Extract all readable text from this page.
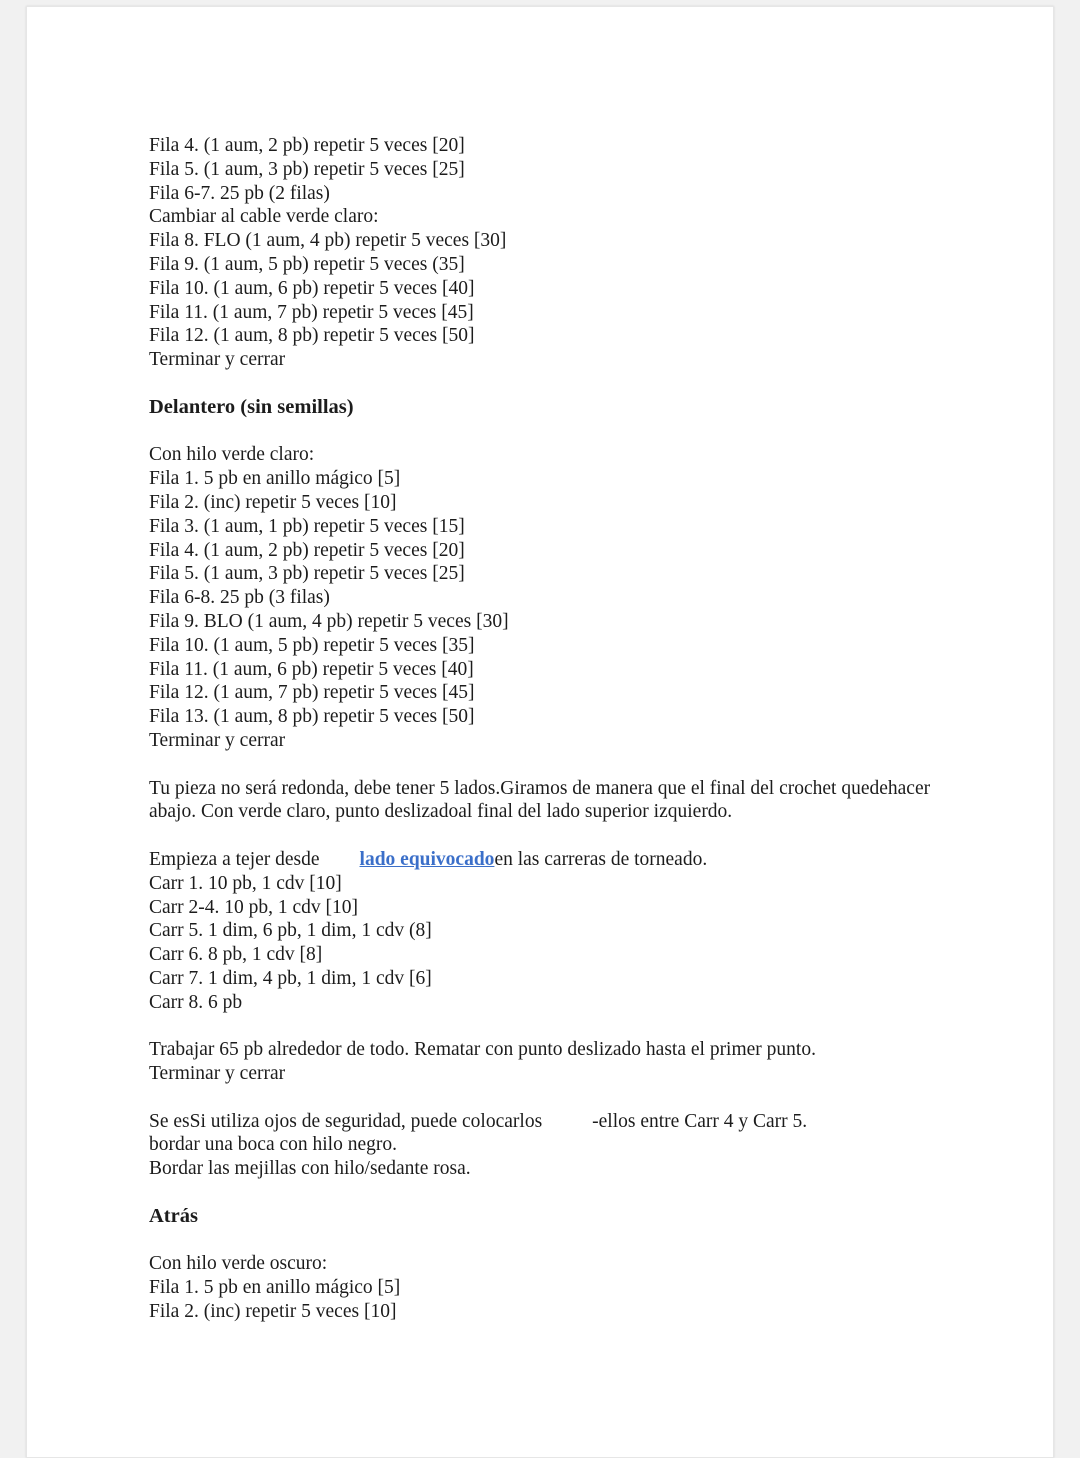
Fila 4. (1 aum, 2 pb) repetir 5 veces [20]

Fila 5. (1 aum, 3 pb) repetir 5 veces [25]

Fila 6-7. 25 pb (2 filas)

Cambiar al cable verde claro:

Fila 8. FLO (1 aum, 4 pb) repetir 5 veces [30]

Fila 9. (1 aum, 5 pb) repetir 5 veces (35]

Fila 10. (1 aum, 6 pb) repetir 5 veces [40]

Fila 11. (1 aum, 7 pb) repetir 5 veces [45]

Fila 12. (1 aum, 8 pb) repetir 5 veces [50]

Terminar y cerrar

Delantero (sin semillas)

Con hilo verde claro:

Fila 1. 5 pb en anillo mágico [5]

Fila 2. (inc) repetir 5 veces [10]

Fila 3. (1 aum, 1 pb) repetir 5 veces [15]

Fila 4. (1 aum, 2 pb) repetir 5 veces [20]

Fila 5. (1 aum, 3 pb) repetir 5 veces [25]

Fila 6-8. 25 pb (3 filas)

Fila 9. BLO (1 aum, 4 pb) repetir 5 veces [30]

Fila 10. (1 aum, 5 pb) repetir 5 veces [35]

Fila 11. (1 aum, 6 pb) repetir 5 veces [40]

Fila 12. (1 aum, 7 pb) repetir 5 veces [45]

Fila 13. (1 aum, 8 pb) repetir 5 veces [50]

Terminar y cerrar

Tu pieza no será redonda, debe tener 5 lados.Giramos de manera que el final del crochet quedehacer

abajo. Con verde claro, punto deslizadoal final del lado superior izquierdo.

Empieza a tejer desde lado equivocadoen las carreras de torneado.

Carr 1. 10 pb, 1 cdv [10]

Carr 2-4. 10 pb, 1 cdv [10]

Carr 5. 1 dim, 6 pb, 1 dim, 1 cdv (8]

Carr 6. 8 pb, 1 cdv [8]

Carr 7. 1 dim, 4 pb, 1 dim, 1 cdv [6]

Carr 8. 6 pb

Trabajar 65 pb alrededor de todo. Rematar con punto deslizado hasta el primer punto.

Terminar y cerrar

Se esSi utiliza ojos de seguridad, puede colocarlos	-ellos entre Carr 4 y Carr 5.

bordar una boca con hilo negro.

Bordar las mejillas con hilo/sedante rosa.

Atrás

Con hilo verde oscuro:

Fila 1. 5 pb en anillo mágico [5]

Fila 2. (inc) repetir 5 veces [10]
